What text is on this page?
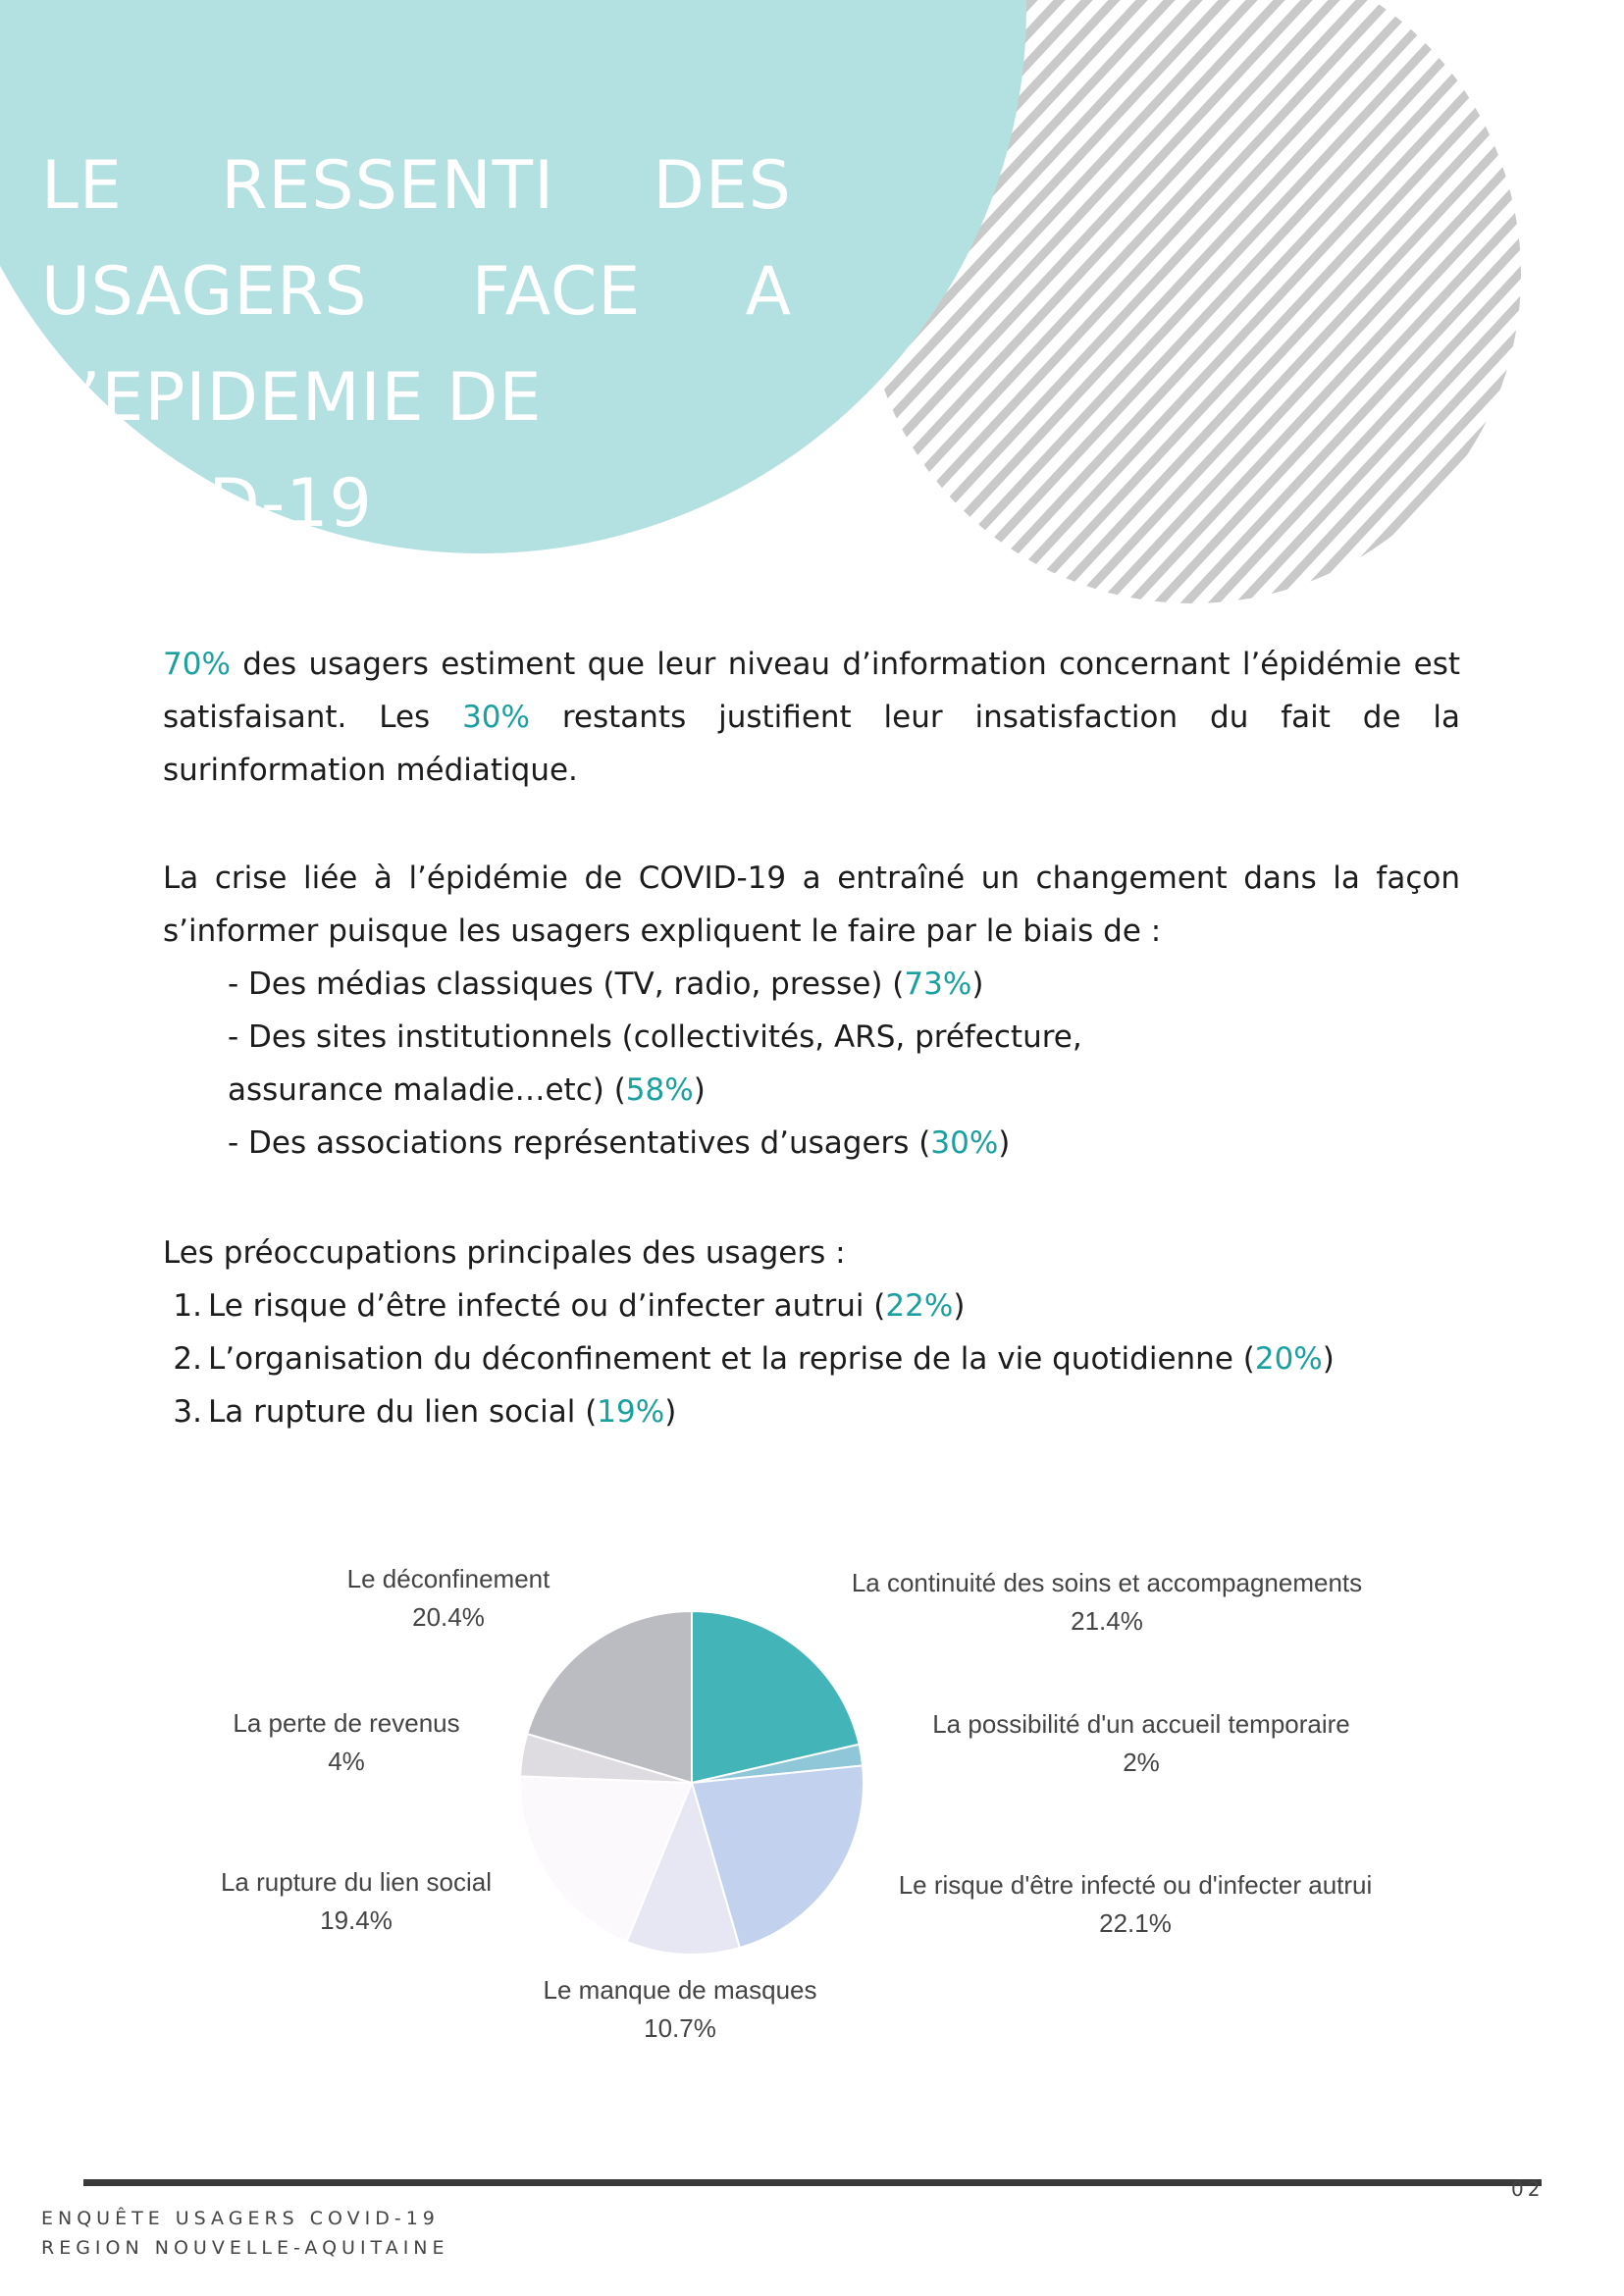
LE RESSENTI DES
USAGERS FACE A
L’EPIDEMIE DE COVID-19
70% des usagers estiment que leur niveau d’information concernant l’épidémie est satisfaisant. Les 30% restants justifient leur insatisfaction du fait de la surinformation médiatique.
La crise liée à l’épidémie de COVID-19 a entraîné un changement dans la façon s’informer puisque les usagers expliquent le faire par le biais de :
- Des médias classiques (TV, radio, presse) (73%)
- Des sites institutionnels (collectivités, ARS, préfecture, assurance maladie…etc) (58%)
- Des associations représentatives d’usagers (30%)
Les préoccupations principales des usagers :
1. Le risque d’être infecté ou d’infecter autrui (22%)
2. L’organisation du déconfinement et la reprise de la vie quotidienne (20%)
3. La rupture du lien social (19%)
La continuité des soins et accompagnements
21.4%
La possibilité d'un accueil temporaire
2%
Le risque d'être infecté ou d'infecter autrui
22.1%
Le manque de masques
10.7%
La rupture du lien social
19.4%
La perte de revenus
4%
Le déconfinement
20.4%
02
ENQUÊTE USAGERS COVID-19
REGION NOUVELLE-AQUITAINE
